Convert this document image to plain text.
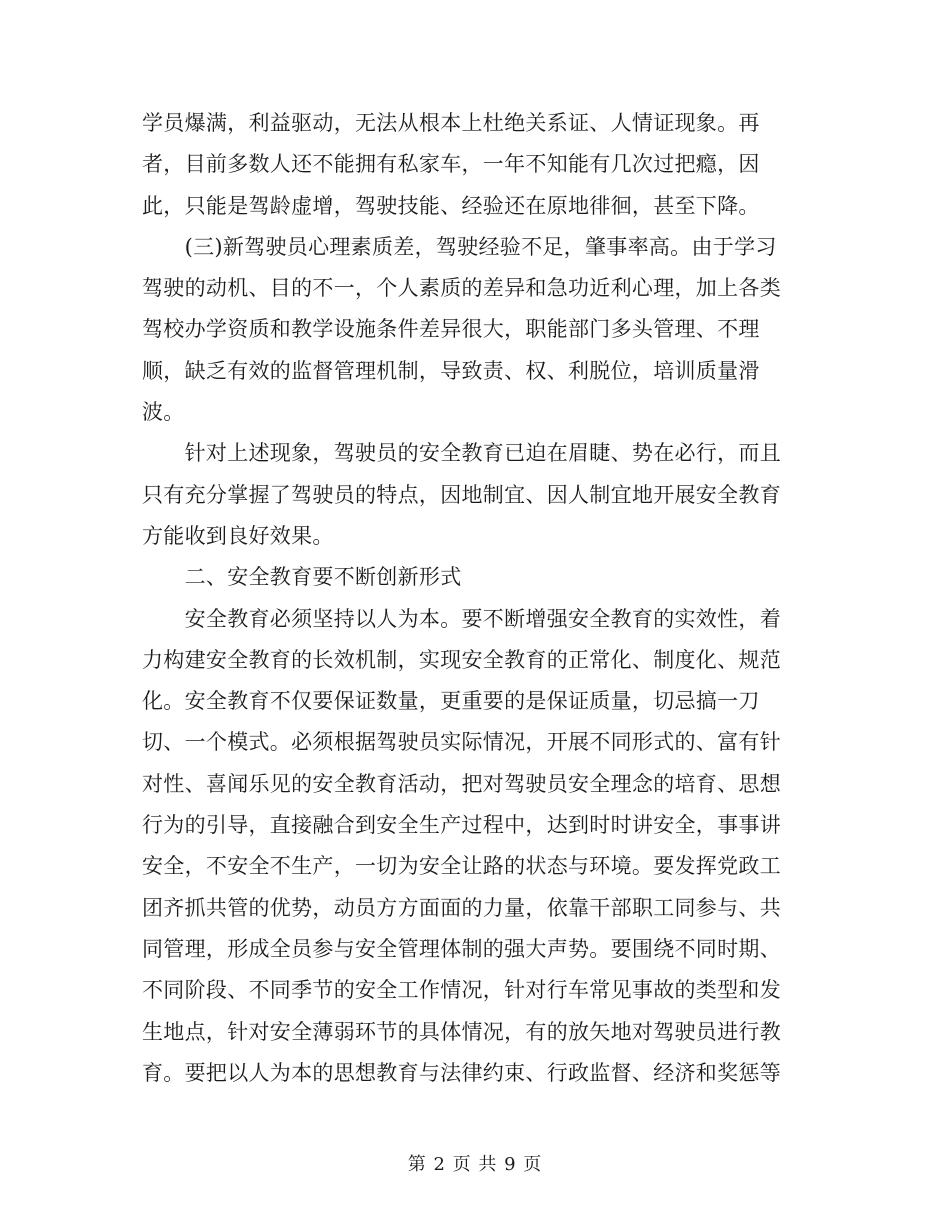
学员爆满，利益驱动，无法从根本上杜绝关系证、人情证现象。再
者，目前多数人还不能拥有私家车，一年不知能有几次过把瘾，因
此，只能是驾龄虚增，驾驶技能、经验还在原地徘徊，甚至下降。
　　(三)新驾驶员心理素质差，驾驶经验不足，肇事率高。由于学习
驾驶的动机、目的不一，个人素质的差异和急功近利心理，加上各类
驾校办学资质和教学设施条件差异很大，职能部门多头管理、不理
顺，缺乏有效的监督管理机制，导致责、权、利脱位，培训质量滑
波。
　　针对上述现象，驾驶员的安全教育已迫在眉睫、势在必行，而且
只有充分掌握了驾驶员的特点，因地制宜、因人制宜地开展安全教育
方能收到良好效果。
　　二、安全教育要不断创新形式
　　安全教育必须坚持以人为本。要不断增强安全教育的实效性，着
力构建安全教育的长效机制，实现安全教育的正常化、制度化、规范
化。安全教育不仅要保证数量，更重要的是保证质量，切忌搞一刀
切、一个模式。必须根据驾驶员实际情况，开展不同形式的、富有针
对性、喜闻乐见的安全教育活动，把对驾驶员安全理念的培育、思想
行为的引导，直接融合到安全生产过程中，达到时时讲安全，事事讲
安全，不安全不生产，一切为安全让路的状态与环境。要发挥党政工
团齐抓共管的优势，动员方方面面的力量，依靠干部职工同参与、共
同管理，形成全员参与安全管理体制的强大声势。要围绕不同时期、
不同阶段、不同季节的安全工作情况，针对行车常见事故的类型和发
生地点，针对安全薄弱环节的具体情况，有的放矢地对驾驶员进行教
育。要把以人为本的思想教育与法律约束、行政监督、经济和奖惩等
第 2 页 共 9 页
